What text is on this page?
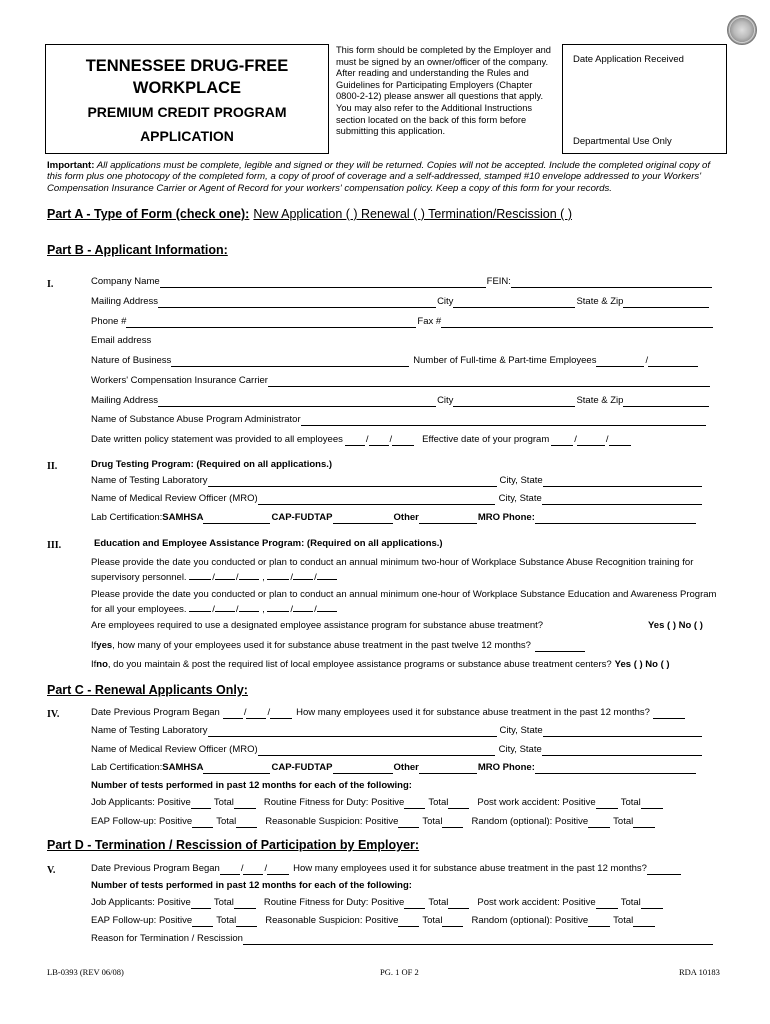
TENNESSEE DRUG-FREE
WORKPLACE
PREMIUM CREDIT PROGRAM
APPLICATION
This form should be completed by the Employer and must be signed by an owner/officer of the company. After reading and understanding the Rules and Guidelines for Participating Employers (Chapter 0800-2-12) please answer all questions that apply. You may also refer to the Additional Instructions section located on the back of this form before submitting this application.
Date Application Received
Departmental Use Only
Important: All applications must be complete, legible and signed or they will be returned. Copies will not be accepted. Include the completed original copy of this form plus one photocopy of the completed form, a copy of proof of coverage and a self-addressed, stamped #10 envelope addressed to your Workers' Compensation Insurance Carrier or Agent of Record for your workers' compensation policy. Keep a copy of this form for your records.
Part A - Type of Form (check one): New Application ( ) Renewal ( ) Termination/Rescission ( )
Part B - Applicant Information:
I.	Company Name	FEIN:
Mailing Address	City	State & Zip
Phone #	Fax #
Email address
Nature of Business	Number of Full-time & Part-time Employees	/
Workers' Compensation Insurance Carrier
Mailing Address	City	State & Zip
Name of Substance Abuse Program Administrator
Date written policy statement was provided to all employees / /	Effective date of your program	/	/
II.	Drug Testing Program: (Required on all applications.)
Name of Testing Laboratory	City, State
Name of Medical Review Officer (MRO)	City, State
Lab Certification: SAMHSA	CAP-FUDTAP	Other	MRO Phone:
III.	Education and Employee Assistance Program: (Required on all applications.)
Please provide the date you conducted or plan to conduct an annual minimum two-hour of Workplace Substance Abuse Recognition training for supervisory personnel.	/ / , / /
Please provide the date you conducted or plan to conduct an annual minimum one-hour of Workplace Substance Education and Awareness Program for all your employees.	/ / , / /
Are employees required to use a designated employee assistance program for substance abuse treatment?	Yes ( ) No ( )
If yes , how many of your employees used it for substance abuse treatment in the past twelve 12 months?
If no , do you maintain & post the required list of local employee assistance programs or substance abuse treatment centers? Yes ( ) No ( )
Part C - Renewal Applicants Only:
IV.	Date Previous Program Began	/ /	How many employees used it for substance abuse treatment in the past 12 months?
Name of Testing Laboratory	City, State
Name of Medical Review Officer (MRO)	City, State
Lab Certification: SAMHSA	CAP-FUDTAP	Other	MRO Phone:
Number of tests performed in past 12 months for each of the following:
Job Applicants: Positive Total	Routine Fitness for Duty: Positive	Total	Post work accident: Positive	Total
EAP Follow-up: Positive	Total	Reasonable Suspicion: Positive	Total	Random (optional): Positive	Total
Part D - Termination / Rescission of Participation by Employer:
V.	Date Previous Program Began / /	How many employees used it for substance abuse treatment in the past 12 months?
Number of tests performed in past 12 months for each of the following:
Job Applicants: Positive Total	Routine Fitness for Duty: Positive	Total	Post work accident: Positive	Total
EAP Follow-up: Positive	Total	Reasonable Suspicion: Positive	Total	Random (optional): Positive	Total
Reason for Termination / Rescission
LB-0393 (REV 06/08)	PG. 1 OF 2	RDA 10183
